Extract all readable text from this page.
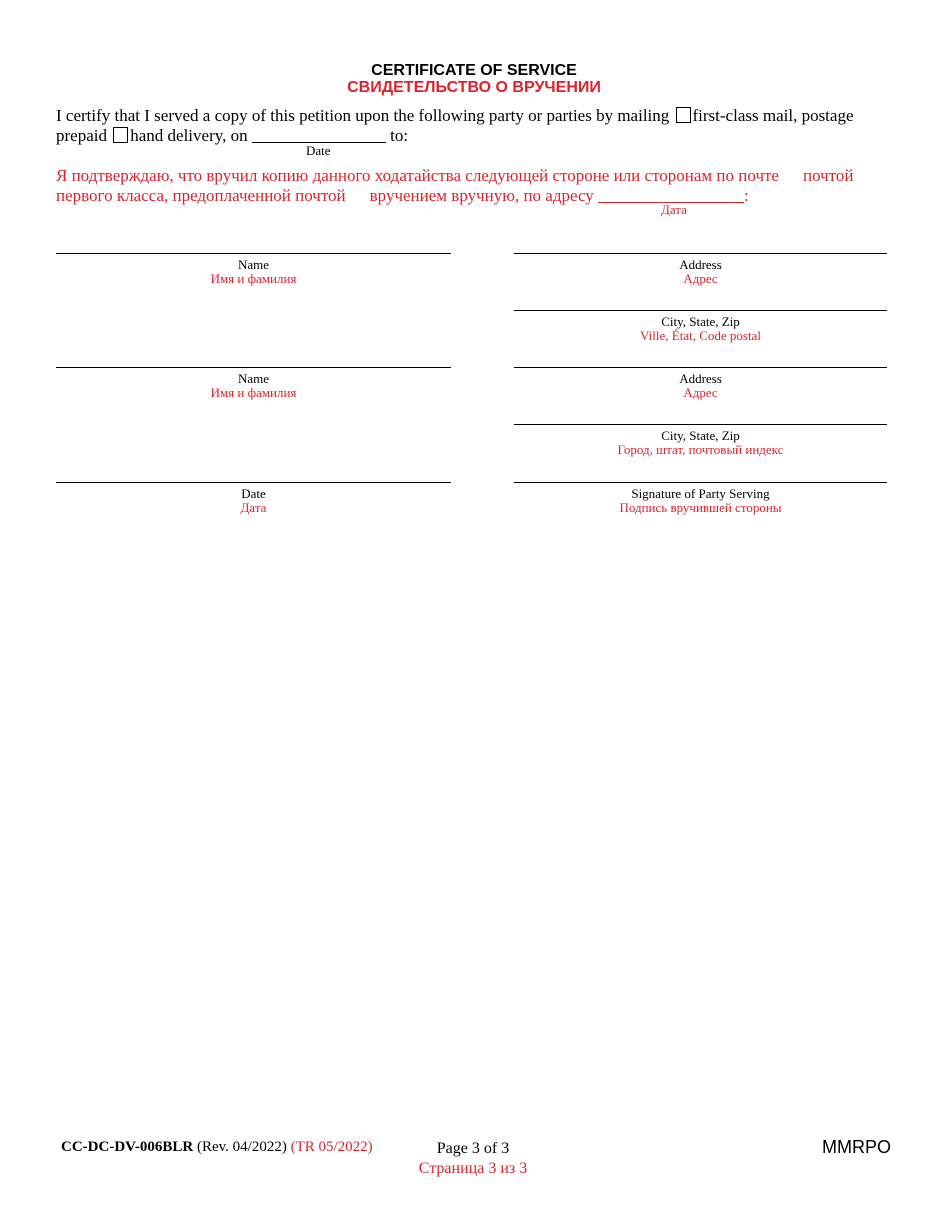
CERTIFICATE OF SERVICE
СВИДЕТЕЛЬСТВО О ВРУЧЕНИИ
I certify that I served a copy of this petition upon the following party or parties by mailing first-class mail, postage
prepaid hand delivery, on	to:
Date
Я подтверждаю, что вручил копию данного ходатайства следующей стороне или сторонам по почте почтой
первого класса, предоплаченной почтой вручением вручную, по адресу	:
Дата
Name
Имя и фамилия
Address
Адрес
City, State, Zip
Ville, État, Code postal
Name
Имя и фамилия
Address
Адрес
City, State, Zip
Город, штат, почтовый индекс
Date
Дата
Signature of Party Serving
Подпись вручившей стороны
CC-DC-DV-006BLR (Rev. 04/2022) (TR 05/2022)	Page 3 of 3
Страница 3 из 3
MMRPO
